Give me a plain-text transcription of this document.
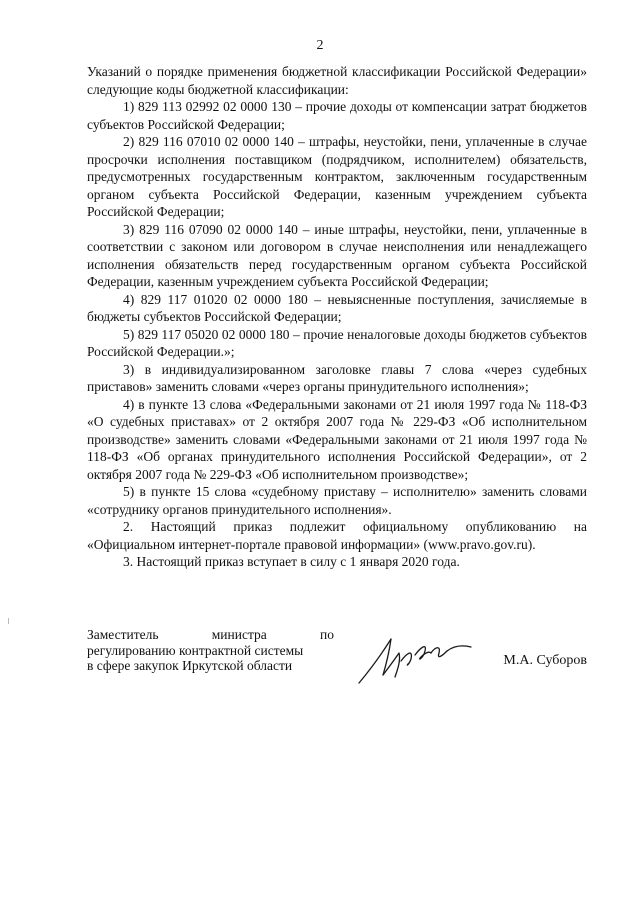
2

Указаний о порядке применения бюджетной классификации Российской Федерации» следующие коды бюджетной классификации:

1) 829 113 02992 02 0000 130 – прочие доходы от компенсации затрат бюджетов субъектов Российской Федерации;

2) 829 116 07010 02 0000 140 – штрафы, неустойки, пени, уплаченные в случае просрочки исполнения поставщиком (подрядчиком, исполнителем) обязательств, предусмотренных государственным контрактом, заключенным государственным органом субъекта Российской Федерации, казенным учреждением субъекта Российской Федерации;

3) 829 116 07090 02 0000 140 – иные штрафы, неустойки, пени, уплаченные в соответствии с законом или договором в случае неисполнения или ненадлежащего исполнения обязательств перед государственным органом субъекта Российской Федерации, казенным учреждением субъекта Российской Федерации;

4) 829 117 01020 02 0000 180 – невыясненные поступления, зачисляемые в бюджеты субъектов Российской Федерации;

5) 829 117 05020 02 0000 180 – прочие неналоговые доходы бюджетов субъектов Российской Федерации.»;

3) в индивидуализированном заголовке главы 7 слова «через судебных приставов» заменить словами «через органы принудительного исполнения»;

4) в пункте 13 слова «Федеральными законами от 21 июля 1997 года № 118-ФЗ «О судебных приставах» от 2 октября 2007 года № 229-ФЗ «Об исполнительном производстве» заменить словами «Федеральными законами от 21 июля 1997 года № 118-ФЗ «Об органах принудительного исполнения Российской Федерации», от 2 октября 2007 года № 229-ФЗ «Об исполнительном производстве»;

5) в пункте 15 слова «судебному приставу – исполнителю» заменить словами «сотруднику органов принудительного исполнения».

2. Настоящий приказ подлежит официальному опубликованию на «Официальном интернет-портале правовой информации» (www.pravo.gov.ru).

3. Настоящий приказ вступает в силу с 1 января 2020 года.

Заместитель министра по
регулированию контрактной системы
в сфере закупок Иркутской области	М.А. Суборов
